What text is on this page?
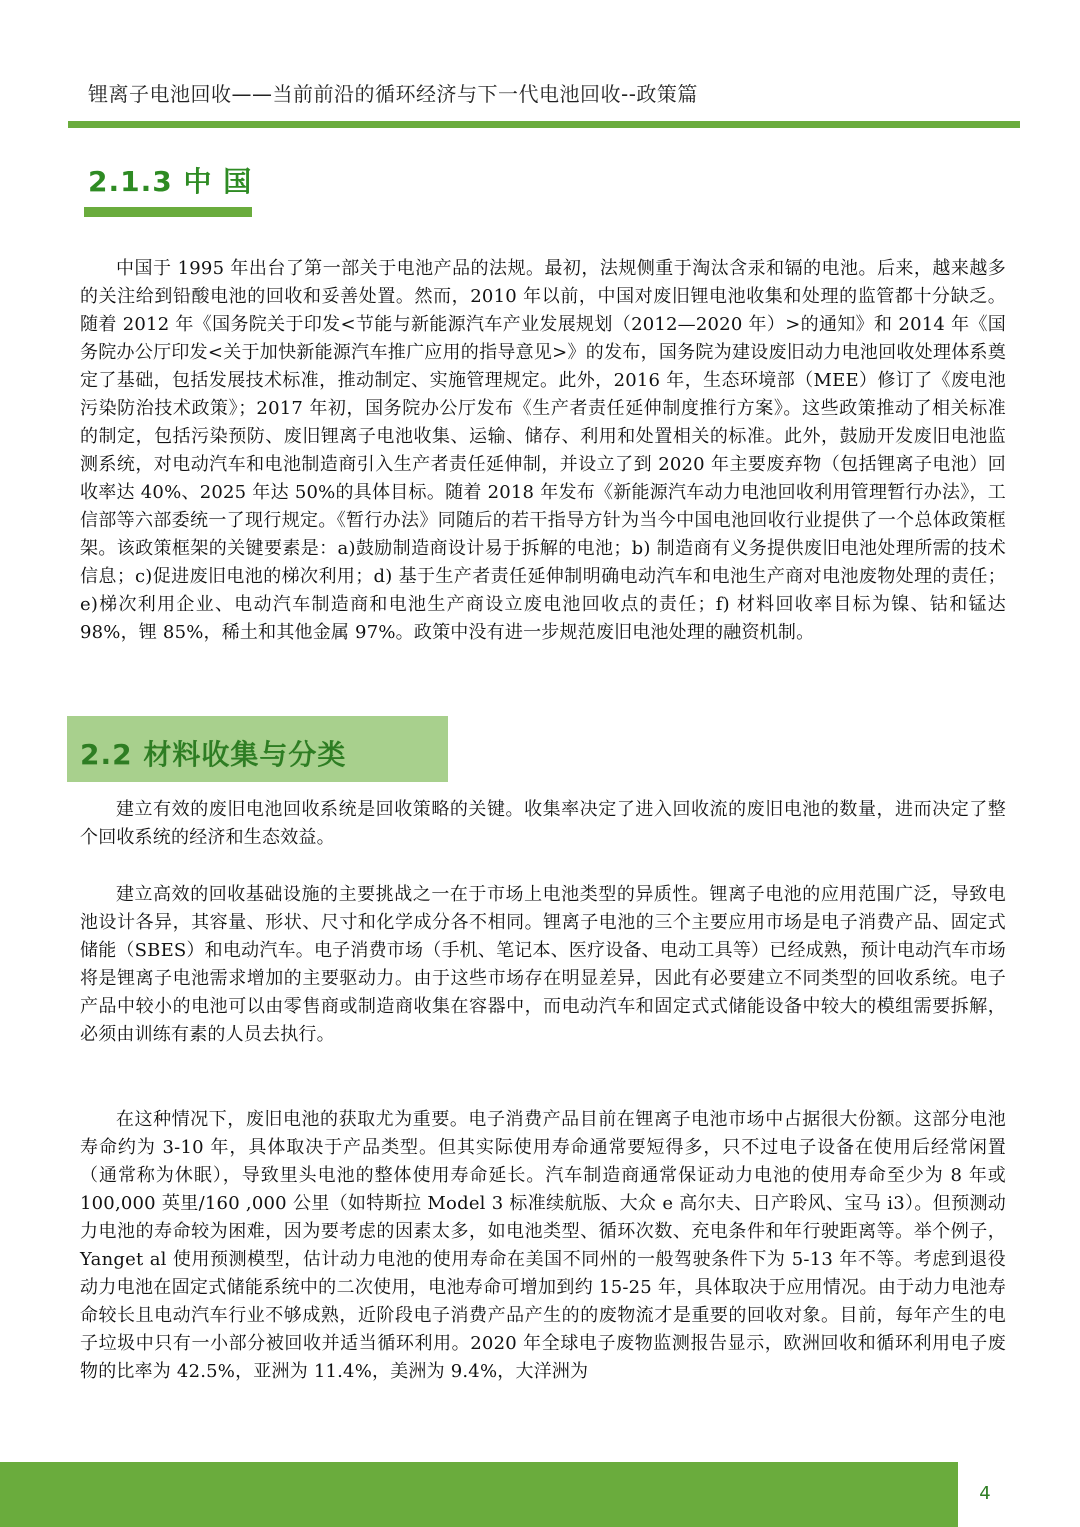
锂离子电池回收——当前前沿的循环经济与下一代电池回收--政策篇
2.1.3 中 国

中国于 1995 年出台了第一部关于电池产品的法规。最初，法规侧重于淘汰含汞和镉的电池。后来，越来越多的关注给到铅酸电池的回收和妥善处置。然而，2010 年以前，中国对废旧锂电池收集和处理的监管都十分缺乏。随着 2012 年《国务院关于印发<节能与新能源汽车产业发展规划（2012—2020 年）>的通知》和 2014 年《国务院办公厅印发<关于加快新能源汽车推广应用的指导意见>》的发布，国务院为建设废旧动力电池回收处理体系奠定了基础，包括发展技术标准，推动制定、实施管理规定。此外，2016 年，生态环境部（MEE）修订了《废电池污染防治技术政策》；2017 年初，国务院办公厅发布《生产者责任延伸制度推行方案》。这些政策推动了相关标准的制定，包括污染预防、废旧锂离子电池收集、运输、储存、利用和处置相关的标准。此外，鼓励开发废旧电池监测系统，对电动汽车和电池制造商引入生产者责任延伸制，并设立了到 2020 年主要废弃物（包括锂离子电池）回收率达 40%、2025 年达 50%的具体目标。随着 2018 年发布《新能源汽车动力电池回收利用管理暂行办法》，工信部等六部委统一了现行规定。《暂行办法》同随后的若干指导方针为当今中国电池回收行业提供了一个总体政策框架。该政策框架的关键要素是：a)鼓励制造商设计易于拆解的电池；b) 制造商有义务提供废旧电池处理所需的技术信息；c)促进废旧电池的梯次利用；d) 基于生产者责任延伸制明确电动汽车和电池生产商对电池废物处理的责任；e)梯次利用企业、电动汽车制造商和电池生产商设立废电池回收点的责任；f) 材料回收率目标为镍、钴和锰达 98%，锂 85%，稀土和其他金属 97%。政策中没有进一步规范废旧电池处理的融资机制。

2.2 材料收集与分类

建立有效的废旧电池回收系统是回收策略的关键。收集率决定了进入回收流的废旧电池的数量，进而决定了整个回收系统的经济和生态效益。

建立高效的回收基础设施的主要挑战之一在于市场上电池类型的异质性。锂离子电池的应用范围广泛，导致电池设计各异，其容量、形状、尺寸和化学成分各不相同。锂离子电池的三个主要应用市场是电子消费产品、固定式储能（SBES）和电动汽车。电子消费市场（手机、笔记本、医疗设备、电动工具等）已经成熟，预计电动汽车市场将是锂离子电池需求增加的主要驱动力。由于这些市场存在明显差异，因此有必要建立不同类型的回收系统。电子产品中较小的电池可以由零售商或制造商收集在容器中，而电动汽车和固定式式储能设备中较大的模组需要拆解，必须由训练有素的人员去执行。

在这种情况下，废旧电池的获取尤为重要。电子消费产品目前在锂离子电池市场中占据很大份额。这部分电池寿命约为 3-10 年，具体取决于产品类型。但其实际使用寿命通常要短得多，只不过电子设备在使用后经常闲置（通常称为休眠），导致里头电池的整体使用寿命延长。汽车制造商通常保证动力电池的使用寿命至少为 8 年或 100,000 英里/160 ,000 公里（如特斯拉 Model 3 标准续航版、大众 e 高尔夫、日产聆风、宝马 i3）。但预测动力电池的寿命较为困难，因为要考虑的因素太多，如电池类型、循环次数、充电条件和年行驶距离等。举个例子，Yanget al 使用预测模型，估计动力电池的使用寿命在美国不同州的一般驾驶条件下为 5-13 年不等。考虑到退役动力电池在固定式储能系统中的二次使用，电池寿命可增加到约 15-25 年，具体取决于应用情况。由于动力电池寿命较长且电动汽车行业不够成熟，近阶段电子消费产品产生的的废物流才是重要的回收对象。目前，每年产生的电子垃圾中只有一小部分被回收并适当循环利用。2020 年全球电子废物监测报告显示，欧洲回收和循环利用电子废物的比率为 42.5%，亚洲为 11.4%，美洲为 9.4%，大洋洲为

4
